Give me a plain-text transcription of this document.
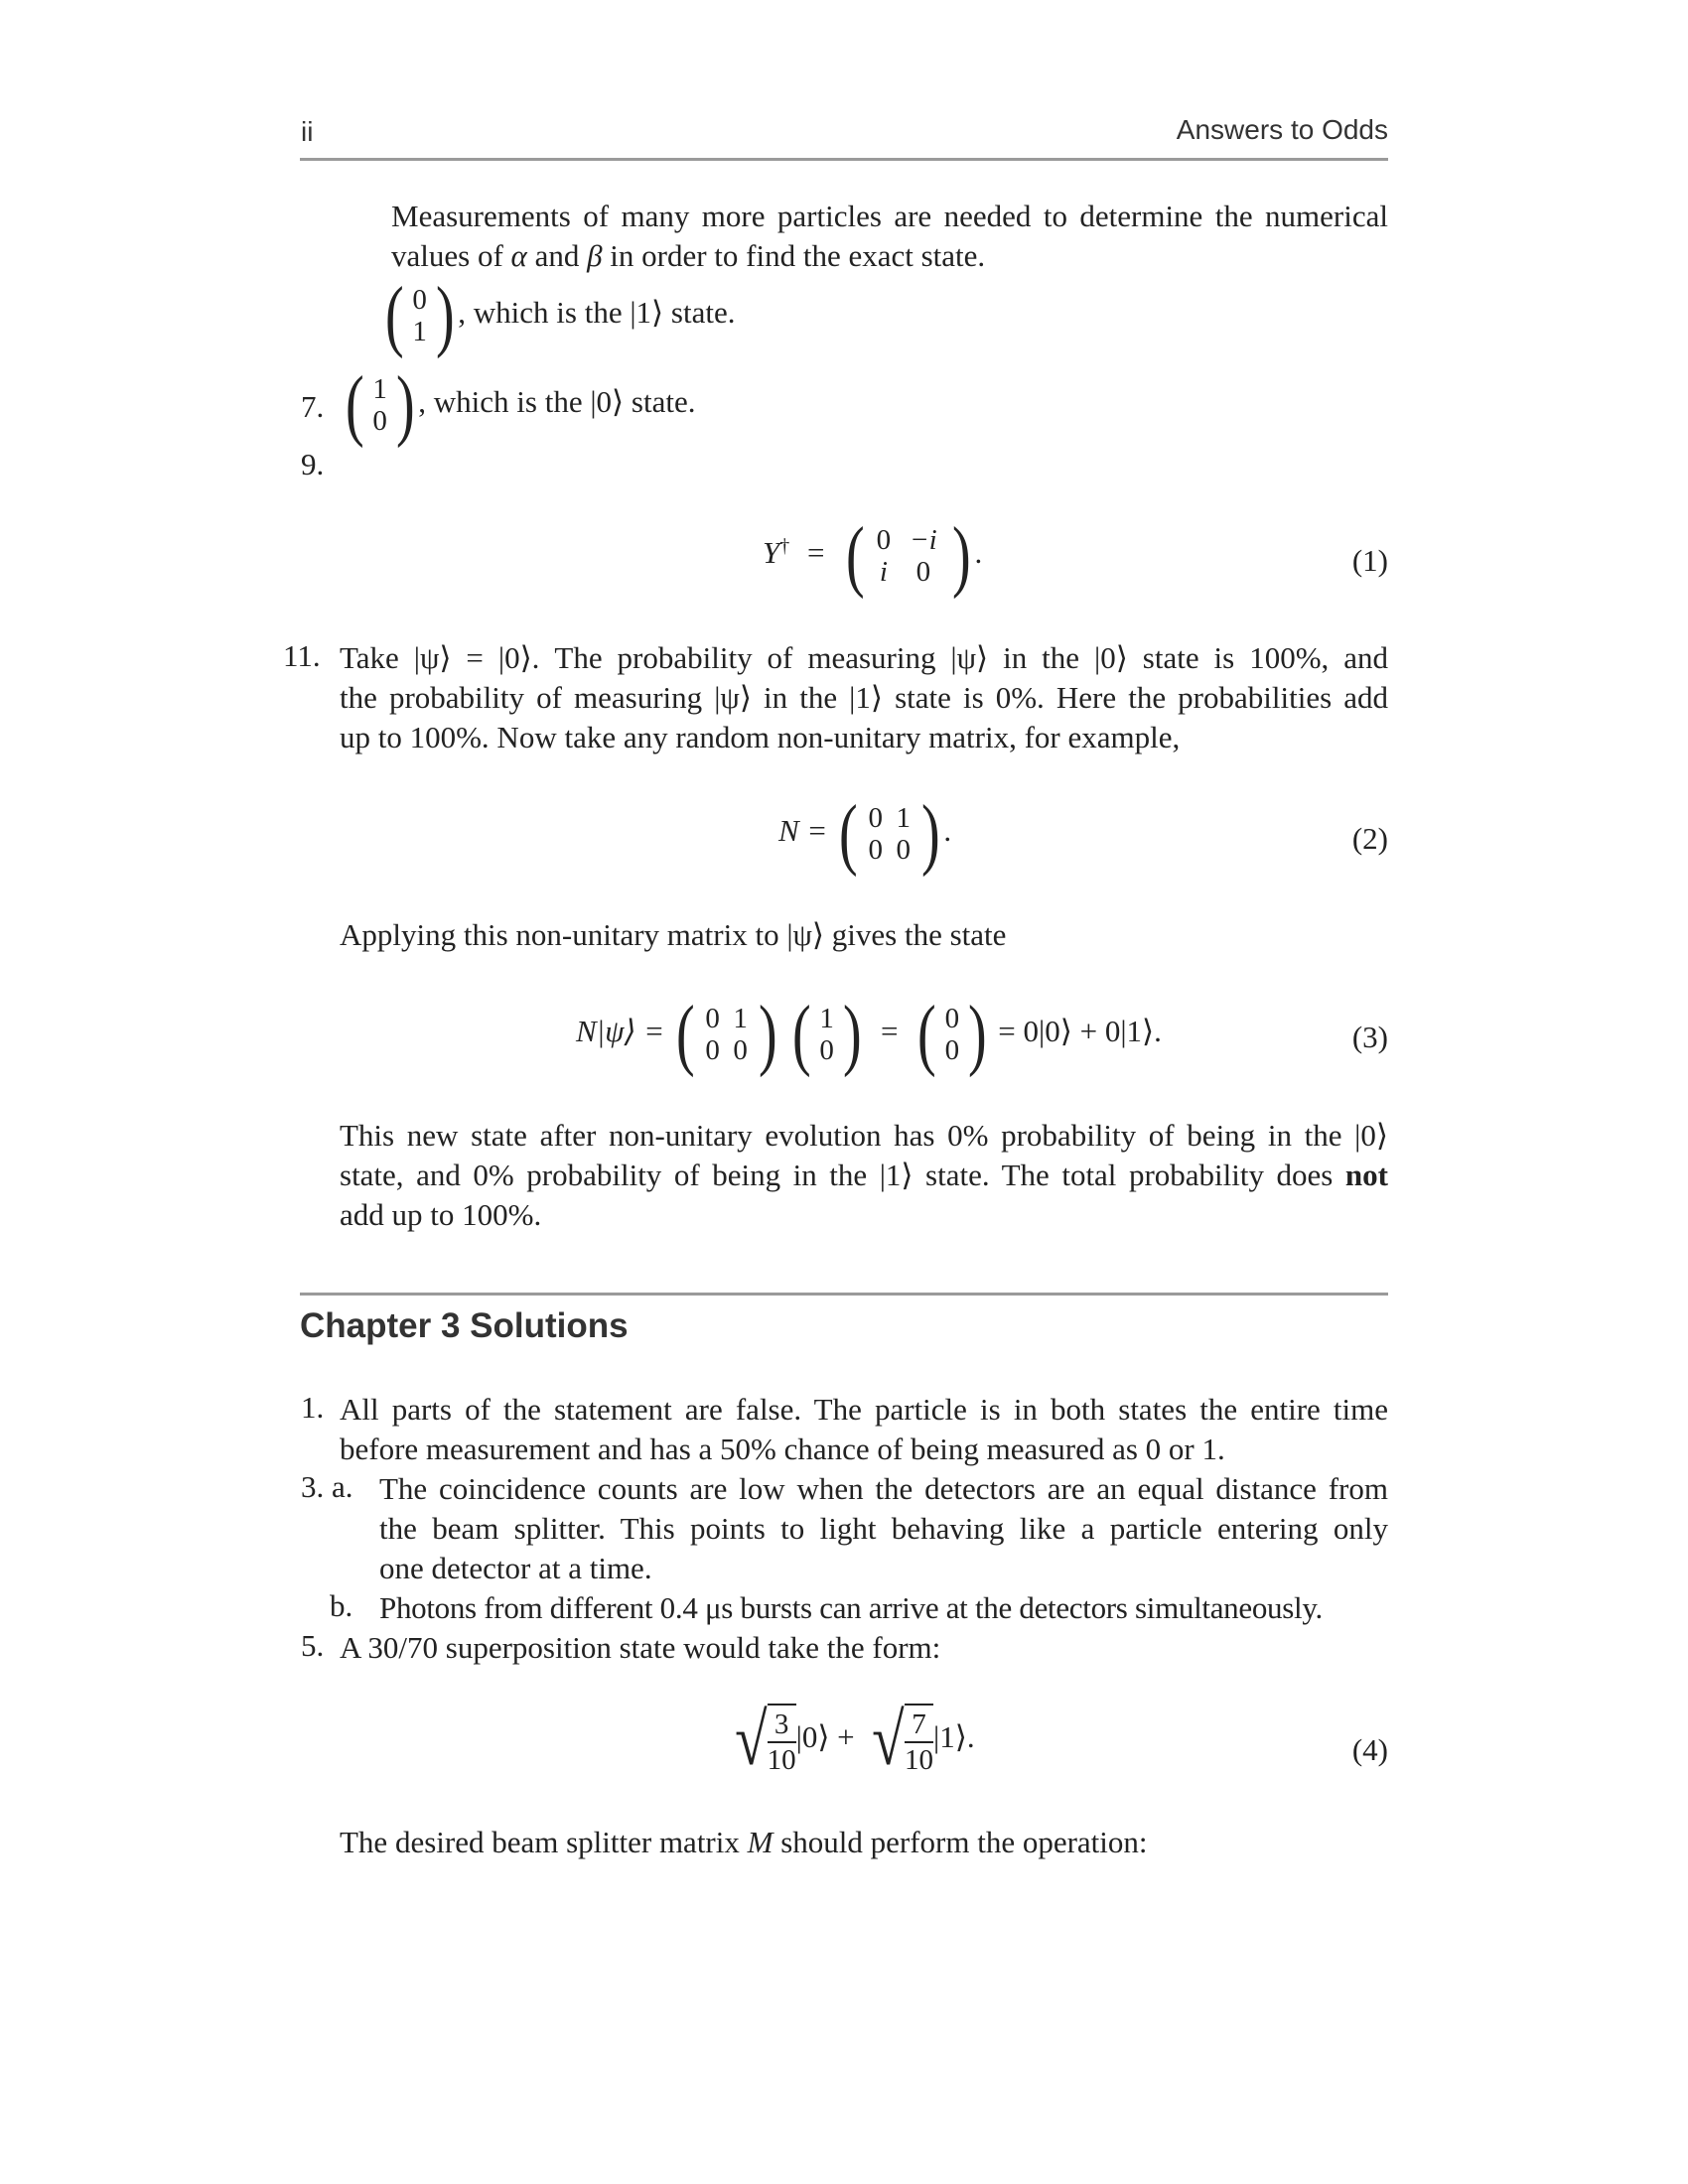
ii	Answers to Odds
Measurements of many more particles are needed to determine the numerical
values of α and β in order to find the exact state.
( 0
1 ) , which is the |1⟩ state.
7. ( 1
0 ) , which is the |0⟩ state.
9.
Y† = ( 0 −i
i 0 ) .	(1)
11. Take |ψ⟩ = |0⟩. The probability of measuring |ψ⟩ in the |0⟩ state is 100%, and
the probability of measuring |ψ⟩ in the |1⟩ state is 0%. Here the probabilities add
up to 100%. Now take any random non-unitary matrix, for example,
N = ( 0 1
0 0 ) .	(2)
Applying this non-unitary matrix to |ψ⟩ gives the state
N|ψ⟩ = ( 0 1
0 0 )
( 1
0 ) = ( 0
0 ) = 0|0⟩ + 0|1⟩.	(3)
This new state after non-unitary evolution has 0% probability of being in the |0⟩
state, and 0% probability of being in the |1⟩ state. The total probability does not
add up to 100%.
Chapter 3 Solutions
1. All parts of the statement are false. The particle is in both states the entire time
before measurement and has a 50% chance of being measured as 0 or 1.
3. a. The coincidence counts are low when the detectors are an equal distance from
the beam splitter. This points to light behaving like a particle entering only
one detector at a time.
b. Photons from different 0.4 μs bursts can arrive at the detectors simultaneously.
5. A 30/70 superposition state would take the form:
√ $\frac{3}{10}$ |0⟩ + √ $\frac{7}{10}$ |1⟩.	(4)
The desired beam splitter matrix M should perform the operation:
